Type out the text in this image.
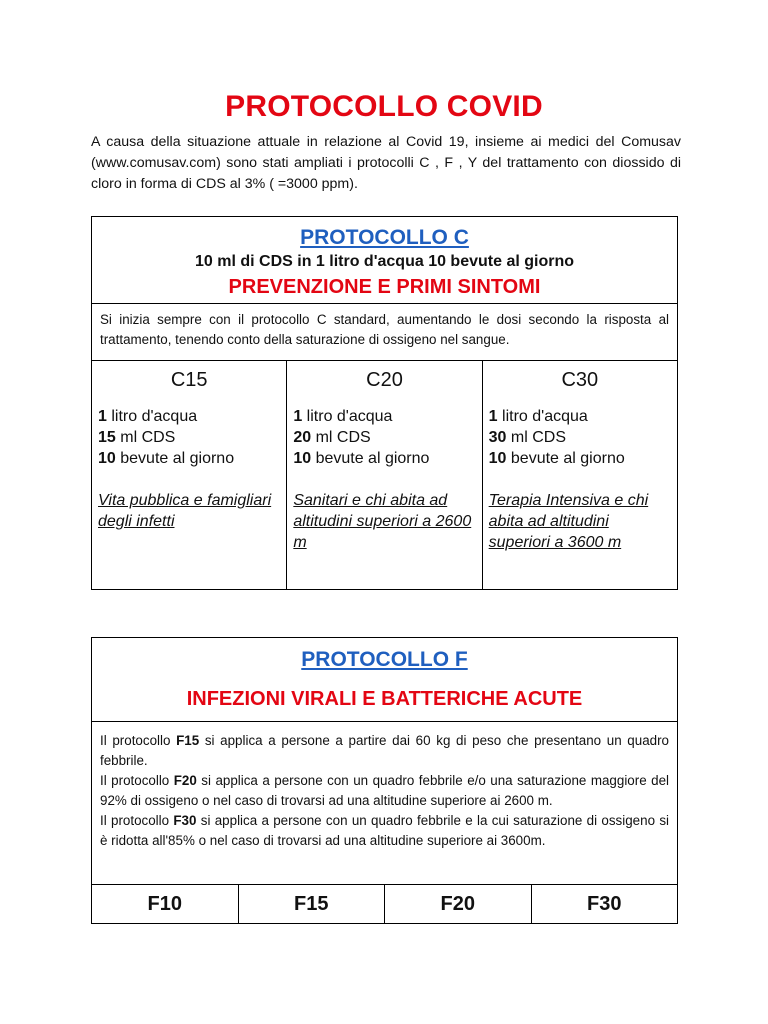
PROTOCOLLO COVID
A causa della situazione attuale in relazione al Covid 19, insieme ai medici del Comusav (www.comusav.com) sono stati ampliati i protocolli C , F , Y del trattamento con diossido di cloro in forma di CDS al 3% ( =3000 ppm).
PROTOCOLLO C
10 ml di CDS in 1 litro d'acqua 10 bevute al giorno
PREVENZIONE E PRIMI SINTOMI
Si inizia sempre con il protocollo C standard, aumentando le dosi secondo la risposta al trattamento, tenendo conto della saturazione di ossigeno nel sangue.
C15
1 litro d'acqua
15 ml CDS
10 bevute al giorno
Vita pubblica e famigliari degli infetti
C20
1 litro d'acqua
20 ml CDS
10 bevute al giorno
Sanitari e chi abita ad altitudini superiori a 2600 m
C30
1 litro d'acqua
30 ml CDS
10 bevute al giorno
Terapia Intensiva e chi abita ad altitudini superiori a 3600 m
PROTOCOLLO F
INFEZIONI VIRALI E BATTERICHE ACUTE
Il protocollo F15 si applica a persone a partire dai 60 kg di peso che presentano un quadro febbrile.
Il protocollo F20 si applica a persone con un quadro febbrile e/o una saturazione maggiore del 92% di ossigeno o nel caso di trovarsi ad una altitudine superiore ai 2600 m.
Il protocollo F30 si applica a persone con un quadro febbrile e la cui saturazione di ossigeno si è ridotta all'85% o nel caso di trovarsi ad una altitudine superiore ai 3600m.
F10	F15	F20	F30
